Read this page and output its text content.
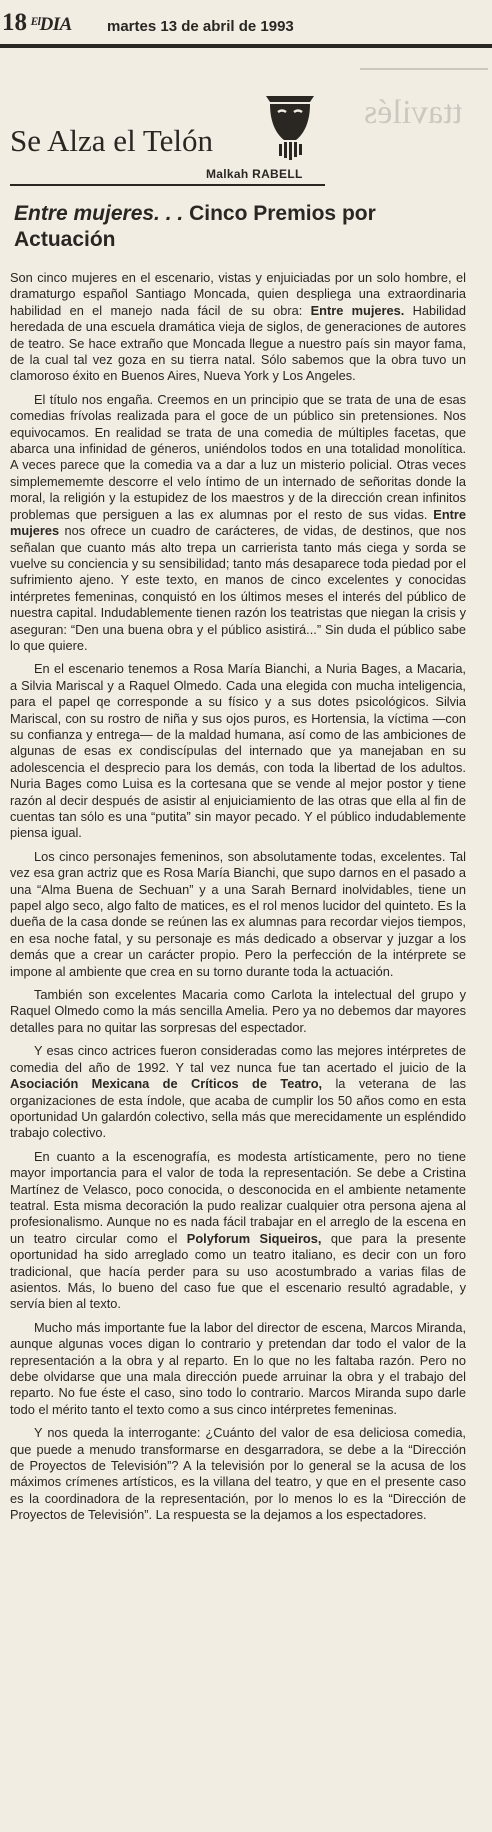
18 ᴱˡDIA martes 13 de abril de 1993
ttavilés
Se Alza el Telón
Malkah RABELL
Entre mujeres. . . Cinco Premios por Actuación

Son cinco mujeres en el escenario, vistas y enjuiciadas por un solo hombre, el dramaturgo español Santiago Moncada, quien despliega una extraordinaria habilidad en el manejo nada fácil de su obra: Entre mujeres. Habilidad heredada de una escuela dramática vieja de siglos, de generaciones de autores de teatro. Se hace extraño que Moncada llegue a nuestro país sin mayor fama, de la cual tal vez goza en su tierra natal. Sólo sabemos que la obra tuvo un clamoroso éxito en Buenos Aires, Nueva York y Los Angeles.

El título nos engaña. Creemos en un principio que se trata de una de esas comedias frívolas realizada para el goce de un público sin pretensiones. Nos equivocamos. En realidad se trata de una comedia de múltiples facetas, que abarca una infinidad de géneros, uniéndolos todos en una totalidad monolítica. A veces parece que la comedia va a dar a luz un misterio policial. Otras veces simplemememte descorre el velo íntimo de un internado de señoritas donde la moral, la religión y la estupidez de los maestros y de la dirección crean infinitos problemas que persiguen a las ex alumnas por el resto de sus vidas. Entre mujeres nos ofrece un cuadro de carácteres, de vidas, de destinos, que nos señalan que cuanto más alto trepa un carrierista tanto más ciega y sorda se vuelve su conciencia y su sensibilidad; tanto más desaparece toda piedad por el sufrimiento ajeno. Y este texto, en manos de cinco excelentes y conocidas intérpretes femeninas, conquistó en los últimos meses el interés del público de nuestra capital. Indudablemente tienen razón los teatristas que niegan la crisis y aseguran: “Den una buena obra y el público asistirá...” Sin duda el público sabe lo que quiere.

En el escenario tenemos a Rosa María Bianchi, a Nuria Bages, a Macaria, a Silvia Mariscal y a Raquel Olmedo. Cada una elegida con mucha inteligencia, para el papel qe corresponde a su físico y a sus dotes psicológicos. Silvia Mariscal, con su rostro de niña y sus ojos puros, es Hortensia, la víctima —con su confianza y entrega— de la maldad humana, así como de las ambiciones de algunas de esas ex condiscípulas del internado que ya manejaban en su adolescencia el desprecio para los demás, con toda la libertad de los adultos. Nuria Bages como Luisa es la cortesana que se vende al mejor postor y tiene razón al decir después de asistir al enjuiciamiento de las otras que ella al fin de cuentas tan sólo es una “putita” sin mayor pecado. Y el público indudablemente piensa igual.

Los cinco personajes femeninos, son absolutamente todas, excelentes. Tal vez esa gran actriz que es Rosa María Bianchi, que supo darnos en el pasado a una “Alma Buena de Sechuan” y a una Sarah Bernard inolvidables, tiene un papel algo seco, algo falto de matices, es el rol menos lucidor del quinteto. Es la dueña de la casa donde se reúnen las ex alumnas para recordar viejos tiempos, en esa noche fatal, y su personaje es más dedicado a observar y juzgar a los demás que a crear un carácter propio. Pero la perfección de la intérprete se impone al ambiente que crea en su torno durante toda la actuación.

También son excelentes Macaria como Carlota la intelectual del grupo y Raquel Olmedo como la más sencilla Amelia. Pero ya no debemos dar mayores detalles para no quitar las sorpresas del espectador.

Y esas cinco actrices fueron consideradas como las mejores intérpretes de comedia del año de 1992. Y tal vez nunca fue tan acertado el juicio de la Asociación Mexicana de Críticos de Teatro, la veterana de las organizaciones de esta índole, que acaba de cumplir los 50 años como en esta oportunidad Un galardón colectivo, sella más que merecidamente un espléndido trabajo colectivo.

En cuanto a la escenografía, es modesta artísticamente, pero no tiene mayor importancia para el valor de toda la representación. Se debe a Cristina Martínez de Velasco, poco conocida, o desconocida en el ambiente netamente teatral. Esta misma decoración la pudo realizar cualquier otra persona ajena al profesionalismo. Aunque no es nada fácil trabajar en el arreglo de la escena en un teatro circular como el Polyforum Siqueiros, que para la presente oportunidad ha sido arreglado como un teatro italiano, es decir con un foro tradicional, que hacía perder para su uso acostumbrado a varias filas de asientos. Más, lo bueno del caso fue que el escenario resultó agradable, y servía bien al texto.

Mucho más importante fue la labor del director de escena, Marcos Miranda, aunque algunas voces digan lo contrario y pretendan dar todo el valor de la representación a la obra y al reparto. En lo que no les faltaba razón. Pero no debe olvidarse que una mala dirección puede arruinar la obra y el trabajo del reparto. No fue éste el caso, sino todo lo contrario. Marcos Miranda supo darle todo el mérito tanto el texto como a sus cinco intérpretes femeninas.

Y nos queda la interrogante: ¿Cuánto del valor de esa deliciosa comedia, que puede a menudo transformarse en desgarradora, se debe a la “Dirección de Proyectos de Televisión”? A la televisión por lo general se la acusa de los máximos crímenes artísticos, es la villana del teatro, y que en el presente caso es la coordinadora de la representación, por lo menos lo es la “Dirección de Proyectos de Televisión”. La respuesta se la dejamos a los espectadores.
